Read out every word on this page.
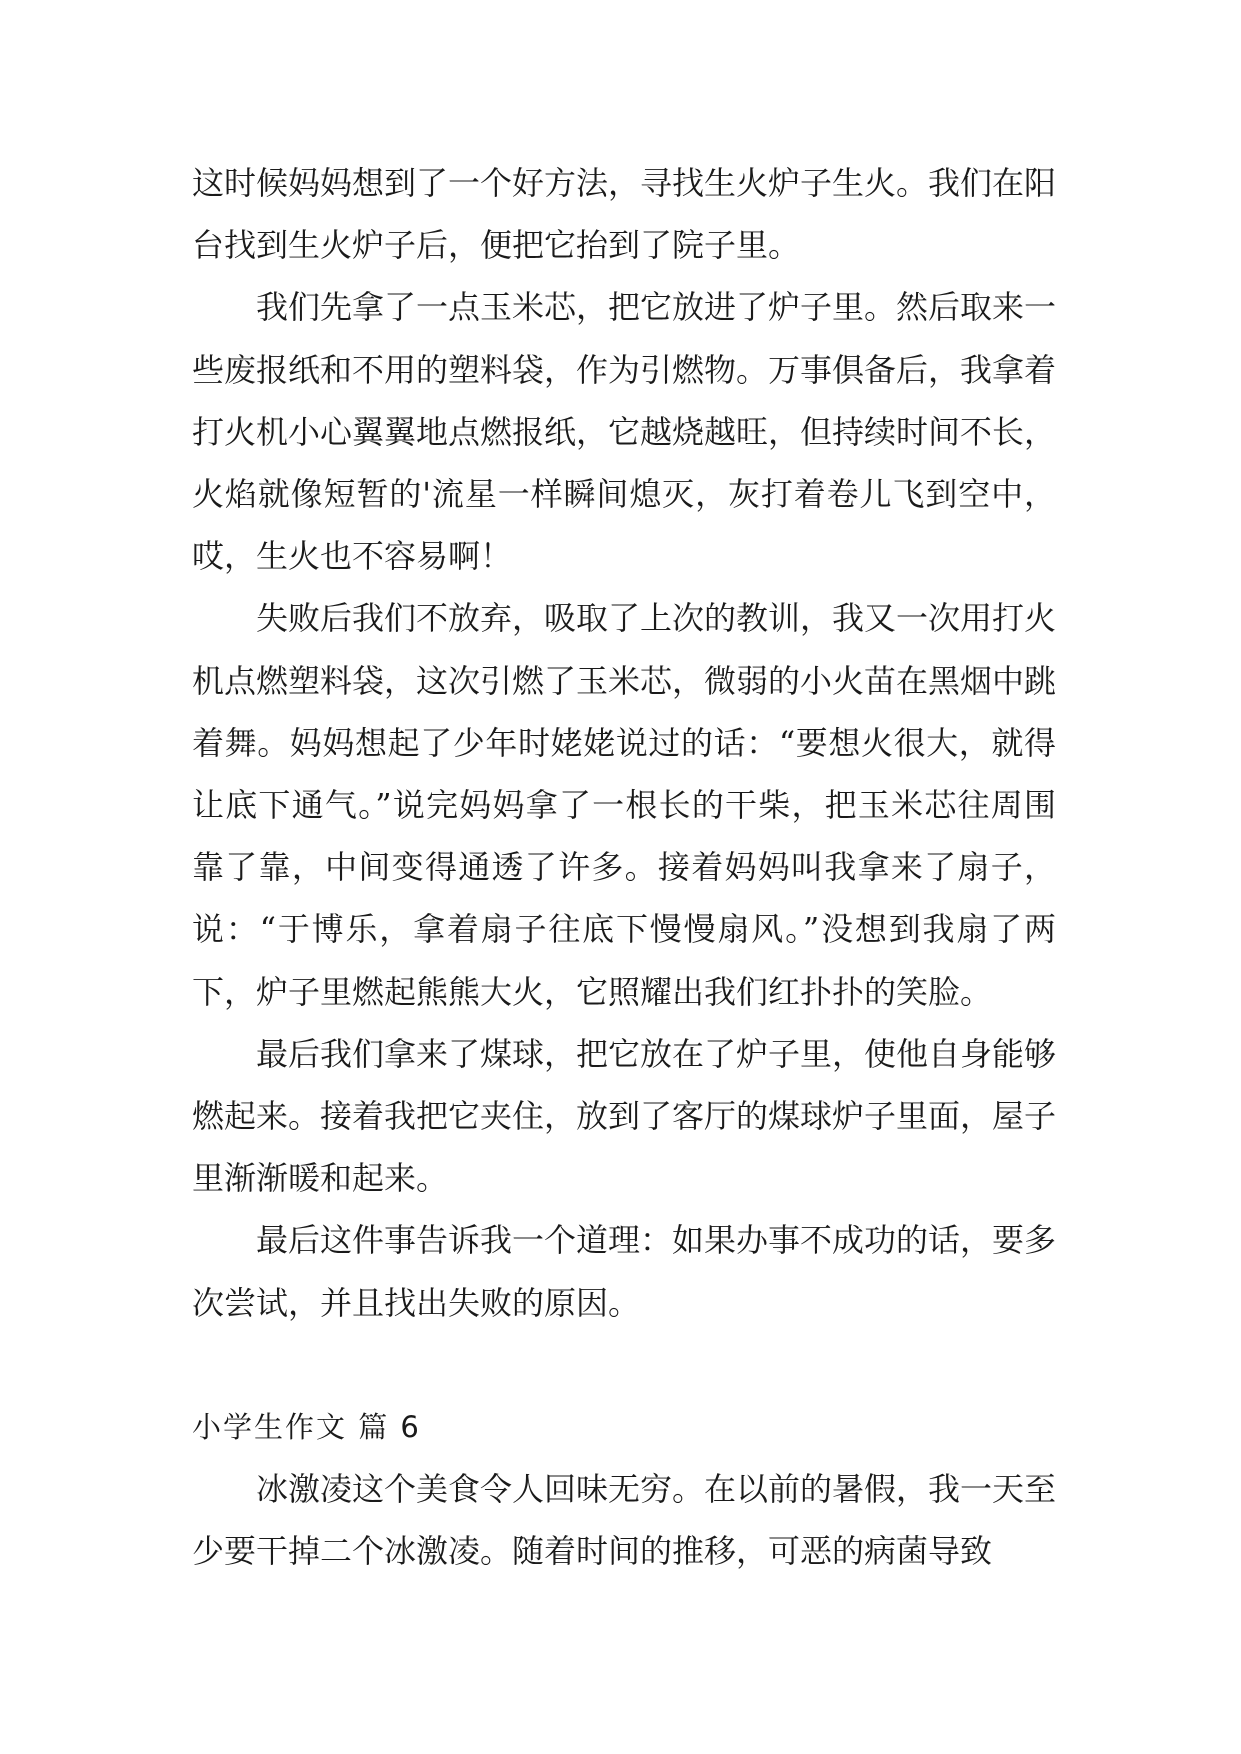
这时候妈妈想到了一个好方法，寻找生火炉子生火。我们在阳台找到生火炉子后，便把它抬到了院子里。

我们先拿了一点玉米芯，把它放进了炉子里。然后取来一些废报纸和不用的塑料袋，作为引燃物。万事俱备后，我拿着打火机小心翼翼地点燃报纸，它越烧越旺，但持续时间不长，火焰就像短暂的'流星一样瞬间熄灭，灰打着卷儿飞到空中，哎，生火也不容易啊！

失败后我们不放弃，吸取了上次的教训，我又一次用打火机点燃塑料袋，这次引燃了玉米芯，微弱的小火苗在黑烟中跳着舞。妈妈想起了少年时姥姥说过的话：“要想火很大，就得让底下通气。”说完妈妈拿了一根长的干柴，把玉米芯往周围靠了靠，中间变得通透了许多。接着妈妈叫我拿来了扇子，说：“于博乐，拿着扇子往底下慢慢扇风。”没想到我扇了两下，炉子里燃起熊熊大火，它照耀出我们红扑扑的笑脸。

最后我们拿来了煤球，把它放在了炉子里，使他自身能够燃起来。接着我把它夹住，放到了客厅的煤球炉子里面，屋子里渐渐暖和起来。

最后这件事告诉我一个道理：如果办事不成功的话，要多次尝试，并且找出失败的原因。

小学生作文 篇 6

冰激凌这个美食令人回味无穷。在以前的暑假，我一天至少要干掉二个冰激凌。随着时间的推移，可恶的病菌导致
